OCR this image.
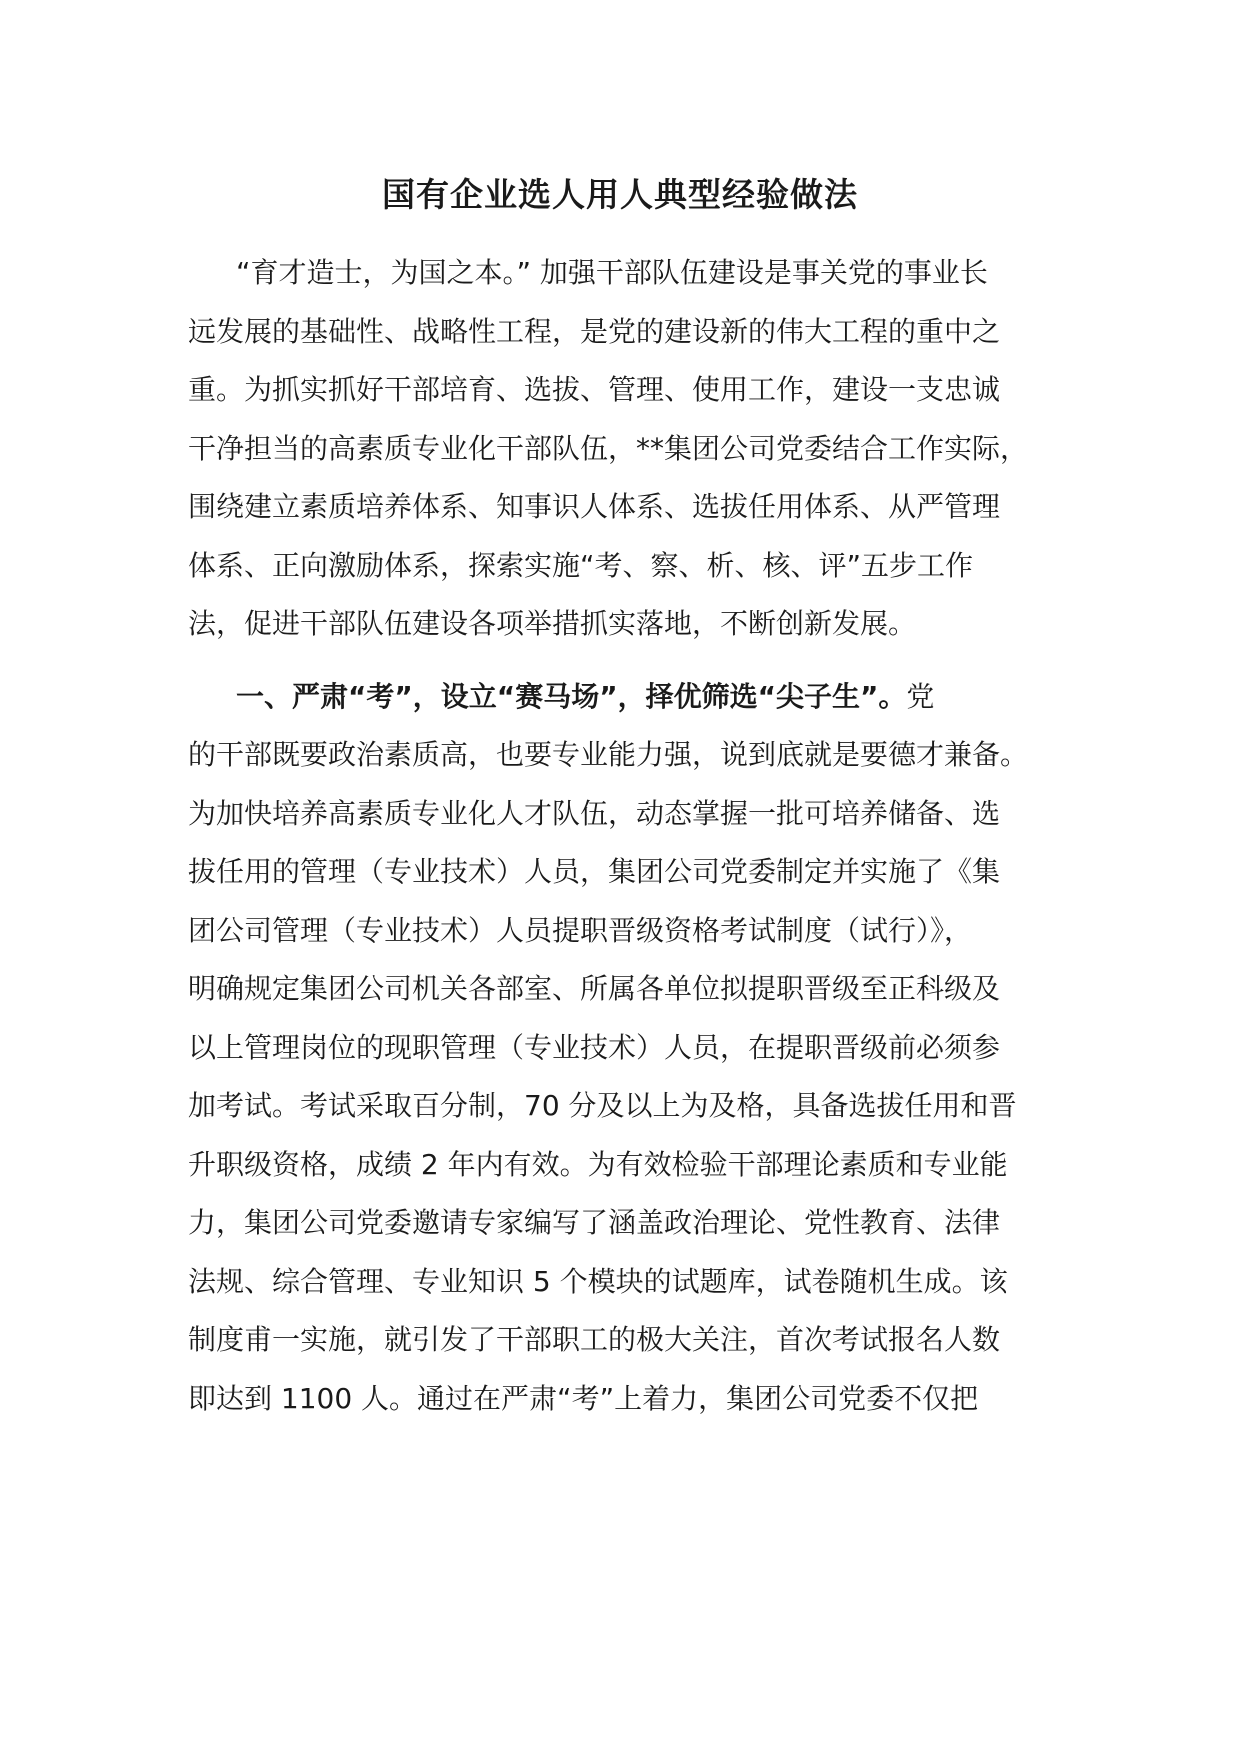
国有企业选人用人典型经验做法
“育才造士，为国之本。” 加强干部队伍建设是事关党的事业长
远发展的基础性、战略性工程，是党的建设新的伟大工程的重中之
重。为抓实抓好干部培育、选拔、管理、使用工作，建设一支忠诚
干净担当的高素质专业化干部队伍，**集团公司党委结合工作实际，
围绕建立素质培养体系、知事识人体系、选拔任用体系、从严管理
体系、正向激励体系，探索实施“考、察、析、核、评”五步工作
法，促进干部队伍建设各项举措抓实落地，不断创新发展。
一、严肃“考”，设立“赛马场”，择优筛选“尖子生”。党
的干部既要政治素质高，也要专业能力强，说到底就是要德才兼备。
为加快培养高素质专业化人才队伍，动态掌握一批可培养储备、选
拔任用的管理（专业技术）人员，集团公司党委制定并实施了《集
团公司管理（专业技术）人员提职晋级资格考试制度（试行）》，
明确规定集团公司机关各部室、所属各单位拟提职晋级至正科级及
以上管理岗位的现职管理（专业技术）人员，在提职晋级前必须参
加考试。考试采取百分制，70 分及以上为及格，具备选拔任用和晋
升职级资格，成绩 2 年内有效。为有效检验干部理论素质和专业能
力，集团公司党委邀请专家编写了涵盖政治理论、党性教育、法律
法规、综合管理、专业知识 5 个模块的试题库，试卷随机生成。该
制度甫一实施，就引发了干部职工的极大关注，首次考试报名人数
即达到 1100 人。通过在严肃“考”上着力，集团公司党委不仅把
